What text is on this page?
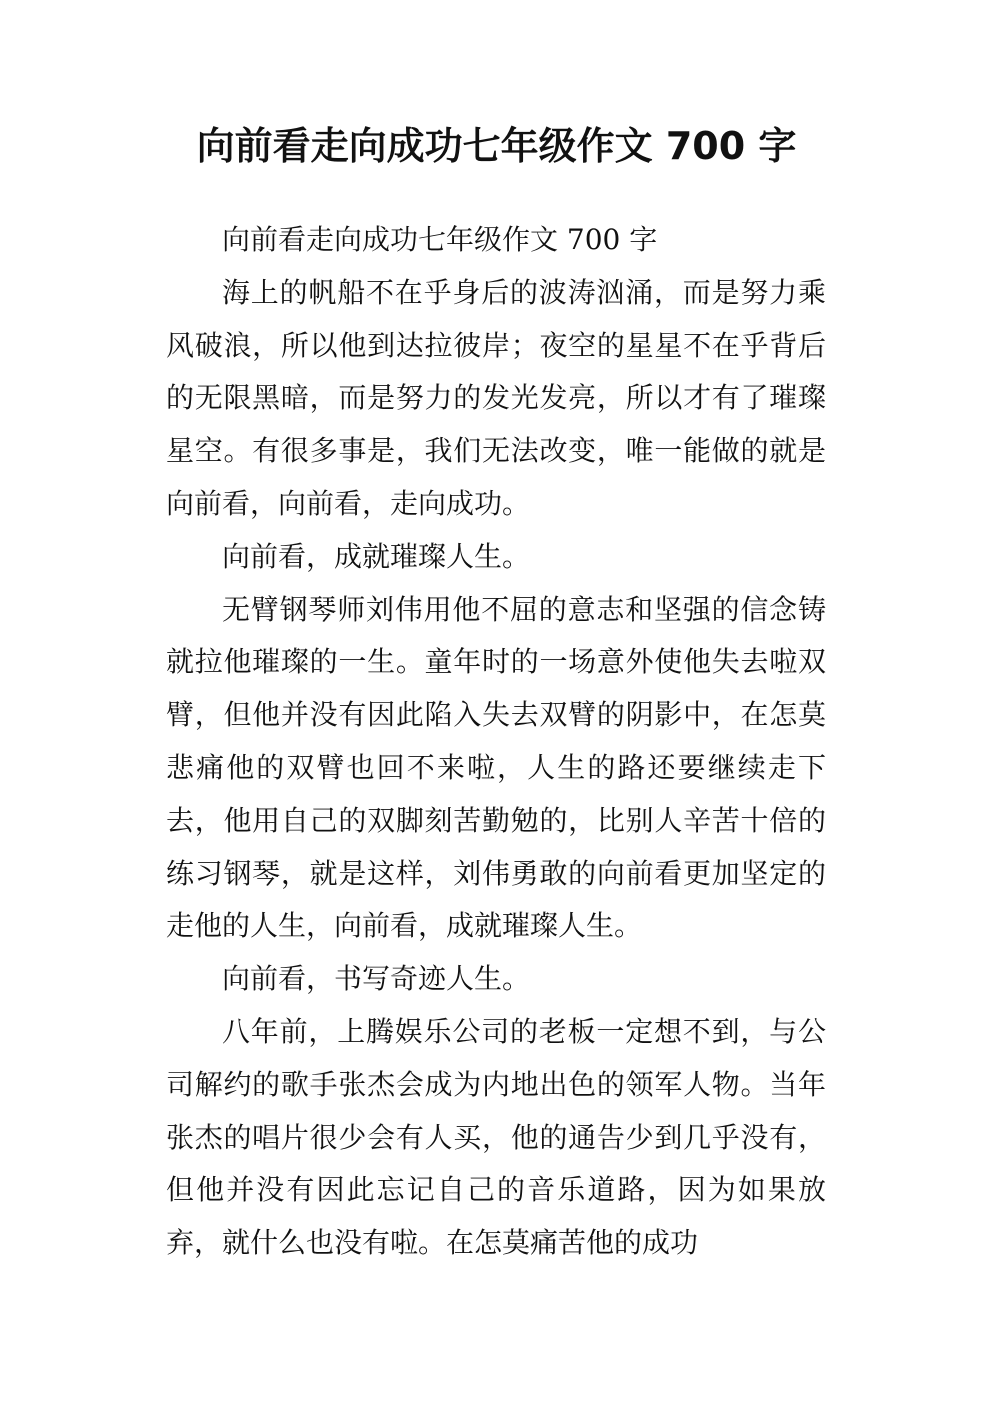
向前看走向成功七年级作文 700 字

向前看走向成功七年级作文 700 字

海上的帆船不在乎身后的波涛汹涌，而是努力乘风破浪，所以他到达拉彼岸；夜空的星星不在乎背后的无限黑暗，而是努力的发光发亮，所以才有了璀璨星空。有很多事是，我们无法改变，唯一能做的就是向前看，向前看，走向成功。

向前看，成就璀璨人生。

无臂钢琴师刘伟用他不屈的意志和坚强的信念铸就拉他璀璨的一生。童年时的一场意外使他失去啦双臂，但他并没有因此陷入失去双臂的阴影中，在怎莫悲痛他的双臂也回不来啦，人生的路还要继续走下去，他用自己的双脚刻苦勤勉的，比别人辛苦十倍的练习钢琴，就是这样，刘伟勇敢的向前看更加坚定的走他的人生，向前看，成就璀璨人生。

向前看，书写奇迹人生。

八年前，上腾娱乐公司的老板一定想不到，与公司解约的歌手张杰会成为内地出色的领军人物。当年张杰的唱片很少会有人买，他的通告少到几乎没有，但他并没有因此忘记自己的音乐道路，因为如果放弃，就什么也没有啦。在怎莫痛苦他的成功
